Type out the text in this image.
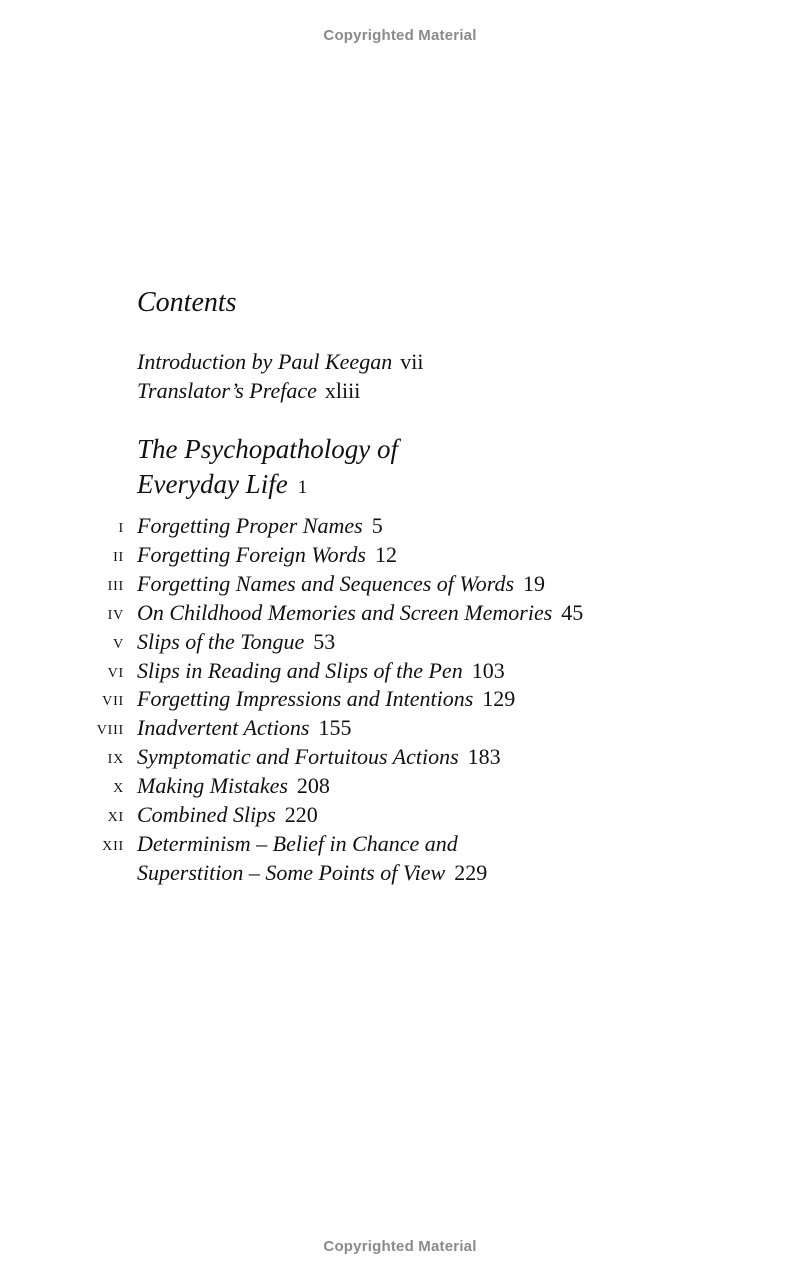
Copyrighted Material
Contents
Introduction by Paul Keegan vii
Translator’s Preface xliii
The Psychopathology of
Everyday Life 1
i Forgetting Proper Names 5
ii Forgetting Foreign Words 12
iii Forgetting Names and Sequences of Words 19
iv On Childhood Memories and Screen Memories 45
v Slips of the Tongue 53
vi Slips in Reading and Slips of the Pen 103
vii Forgetting Impressions and Intentions 129
viii Inadvertent Actions 155
ix Symptomatic and Fortuitous Actions 183
x Making Mistakes 208
xi Combined Slips 220
xii Determinism – Belief in Chance and
Superstition – Some Points of View 229
Copyrighted Material
